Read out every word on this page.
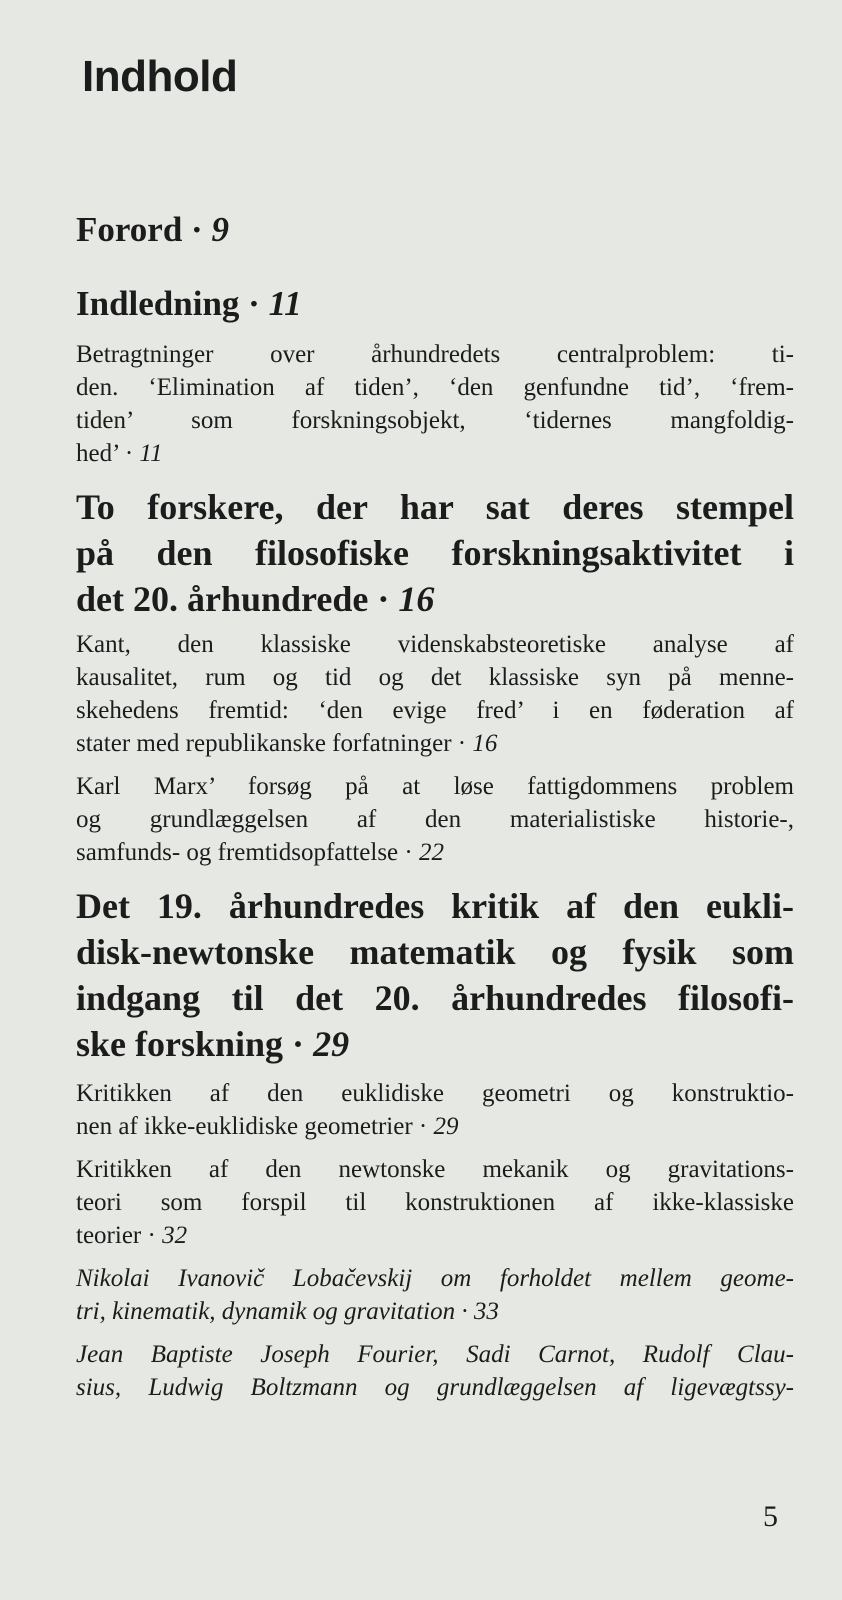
Indhold

Forord · 9

Indledning · 11

Betragtninger over århundredets centralproblem: ti-
den. ‘Elimination af tiden’, ‘den genfundne tid’, ‘frem-
tiden’ som forskningsobjekt, ‘tidernes mangfoldig-
hed’ · 11
To forskere, der har sat deres stempel
på den filosofiske forskningsaktivitet i
det 20. århundrede · 16
Kant, den klassiske videnskabsteoretiske analyse af
kausalitet, rum og tid og det klassiske syn på menne-
skehedens fremtid: ‘den evige fred’ i en føderation af
stater med republikanske forfatninger · 16
Karl Marx’ forsøg på at løse fattigdommens problem
og grundlæggelsen af den materialistiske historie-,
samfunds- og fremtidsopfattelse · 22
Det 19. århundredes kritik af den eukli-
disk-newtonske matematik og fysik som
indgang til det 20. århundredes filosofi-
ske forskning · 29
Kritikken af den euklidiske geometri og konstruktio-
nen af ikke-euklidiske geometrier · 29
Kritikken af den newtonske mekanik og gravitations-
teori som forspil til konstruktionen af ikke-klassiske
teorier · 32
Nikolai Ivanovič Lobačevskij om forholdet mellem geome-
tri, kinematik, dynamik og gravitation · 33
Jean Baptiste Joseph Fourier, Sadi Carnot, Rudolf Clau-
sius, Ludwig Boltzmann og grundlæggelsen af ligevægtssy-

5
